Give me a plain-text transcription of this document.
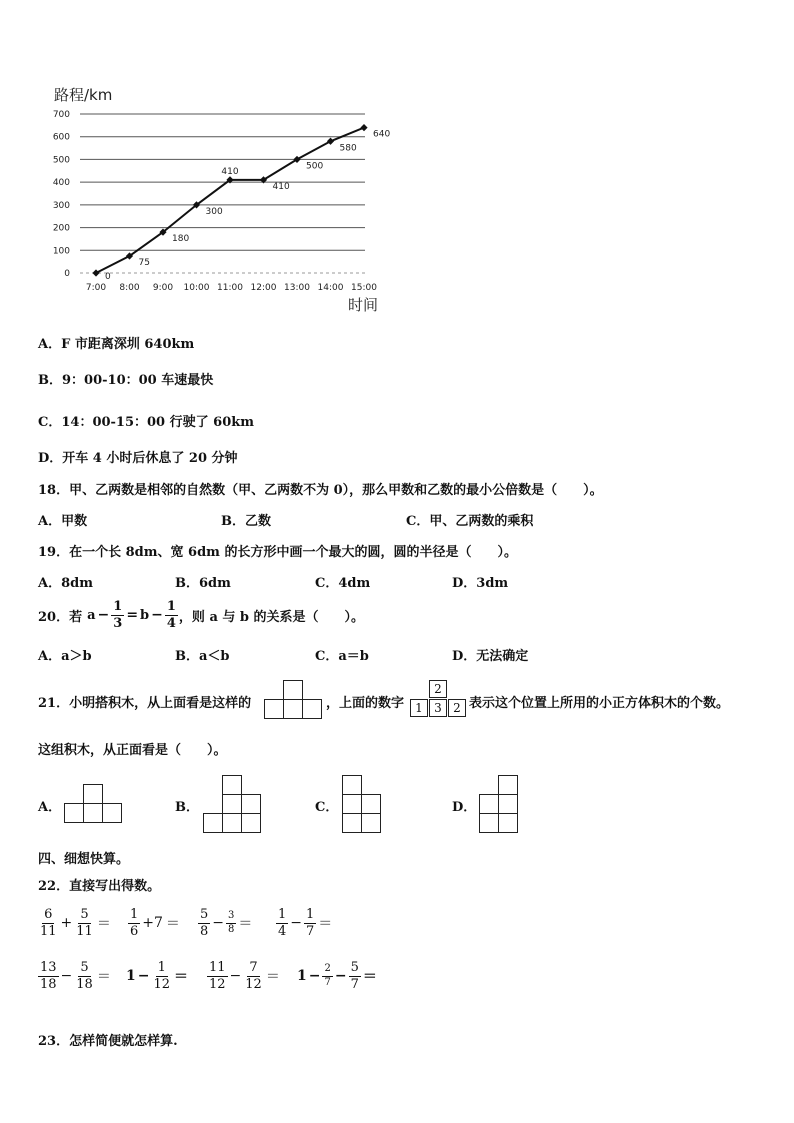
路程/km
时间
0
100
200
300
400
500
600
700
7:00 8:00 9:00 10:00 11:00 12:00 13:00 14:00 15:00
0
75
180
300
410
410
500
580
640
A．F 市距离深圳 640km
B．9：00-10：00 车速最快
C．14：00-15：00 行驶了 60km
D．开车 4 小时后休息了 20 分钟
18．甲、乙两数是相邻的自然数（甲、乙两数不为 0），那么甲数和乙数的最小公倍数是（　　）。
A．甲数	B．乙数	C．甲、乙两数的乘积
19．在一个长 8dm、宽 6dm 的长方形中画一个最大的圆，圆的半径是（　　）。
A．8dm	B．6dm	C．4dm	D．3dm
20．若 $a - \frac{1}{3} = b - \frac{1}{4}$ ，则 a 与 b 的关系是（　　）。
A．a＞b	B．a＜b	C．a＝b	D．无法确定
21．小明搭积木，从上面看是这样的	，上面的数字
2
1 3 2 表示这个位置上所用的小正方体积木的个数。
这组积木，从正面看是（　　）。
A．	B．	C．	D．
四、细想快算。
22．直接写出得数。
$\frac{6}{11} + \frac{5}{11} = \frac{1}{6} +7 = \frac{5}{8} - \frac{3}{8} = \frac{1}{4} - \frac{1}{7}$ ＝
$\frac{13}{18} - \frac{5}{18} = 1 - \frac{1}{12} = \frac{11}{12} - \frac{7}{12} = 1 - \frac{2}{7} - \frac{5}{7}$ ＝
23．怎样简便就怎样算.
